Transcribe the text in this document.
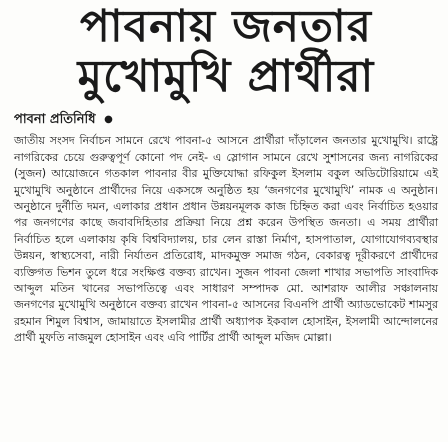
পাবনায় জনতার
মুখোমুখি প্রার্থীরা
পাবনা প্রতিনিধি ●

জাতীয় সংসদ নির্বাচন সামনে রেখে পাবনা-৫ আসনে প্রার্থীরা দাঁড়ালেন জনতার মুখোমুখি। রাষ্ট্রে নাগরিকের চেয়ে গুরুত্বপূর্ণ কোনো পদ নেই- এ স্লোগান সামনে রেখে সুশাসনের জন্য নাগরিকের (সুজন) আয়োজনে গতকাল পাবনার বীর মুক্তিযোদ্ধা রফিকুল ইসলাম বকুল অডিটোরিয়ামে এই মুখোমুখি অনুষ্ঠানে প্রার্থীদের নিয়ে একসঙ্গে অনুষ্ঠিত হয় ‘জনগণের মুখোমুখি’ নামক এ অনুষ্ঠান। অনুষ্ঠানে দুর্নীতি দমন, এলাকার প্রধান প্রধান উন্নয়নমূলক কাজ চিহ্নিত করা এবং নির্বাচিত হওয়ার পর জনগণের কাছে জবাবদিহিতার প্রক্রিয়া নিয়ে প্রশ্ন করেন উপস্থিত জনতা। এ সময় প্রার্থীরা নির্বাচিত হলে এলাকায় কৃষি বিশ্ববিদ্যালয়, চার লেন রাস্তা নির্মাণ, হাসপাতাল, যোগাযোগব্যবস্থার উন্নয়ন, স্বাস্থ্যসেবা, নারী নির্যাতন প্রতিরোধ, মাদকমুক্ত সমাজ গঠন, বেকারত্ব দূরীকরণে প্রার্থীদের ব্যক্তিগত ভিশন তুলে ধরে সংক্ষিপ্ত বক্তব্য রাখেন। সুজন পাবনা জেলা শাখার সভাপতি সাংবাদিক আব্দুল মতিন খানের সভাপতিত্বে এবং সাধারণ সম্পাদক মো. আশরাফ আলীর সঞ্চালনায় জনগণের মুখোমুখি অনুষ্ঠানে বক্তব্য রাখেন পাবনা-৫ আসনের বিএনপি প্রার্থী অ্যাডভোকেট শামসুর রহমান শিমুল বিশ্বাস, জামায়াতে ইসলামীর প্রার্থী অধ্যাপক ইকবাল হোসাইন, ইসলামী আন্দোলনের প্রার্থী মুফতি নাজমুল হোসাইন এবং এবি পার্টির প্রার্থী আব্দুল মজিদ মোল্লা।
